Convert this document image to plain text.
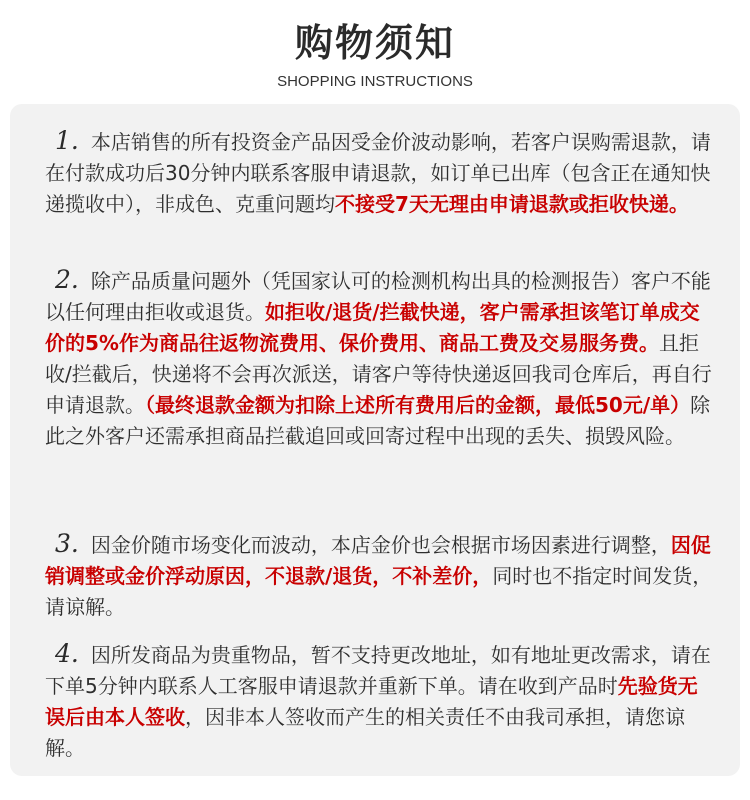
购物须知
SHOPPING INSTRUCTIONS
1. 本店销售的所有投资金产品因受金价波动影响，若客户误购需退款，请在付款成功后30分钟内联系客服申请退款，如订单已出库（包含正在通知快递揽收中），非成色、克重问题均不接受7天无理由申请退款或拒收快递。
2. 除产品质量问题外（凭国家认可的检测机构出具的检测报告）客户不能以任何理由拒收或退货。如拒收/退货/拦截快递，客户需承担该笔订单成交价的5%作为商品往返物流费用、保价费用、商品工费及交易服务费。且拒收/拦截后，快递将不会再次派送，请客户等待快递返回我司仓库后，再自行申请退款。（最终退款金额为扣除上述所有费用后的金额，最低50元/单）除此之外客户还需承担商品拦截追回或回寄过程中出现的丢失、损毁风险。
3. 因金价随市场变化而波动，本店金价也会根据市场因素进行调整，因促销调整或金价浮动原因，不退款/退货，不补差价，同时也不指定时间发货，请谅解。
4. 因所发商品为贵重物品，暂不支持更改地址，如有地址更改需求，请在下单5分钟内联系人工客服申请退款并重新下单。请在收到产品时先验货无误后由本人签收，因非本人签收而产生的相关责任不由我司承担，请您谅解。
